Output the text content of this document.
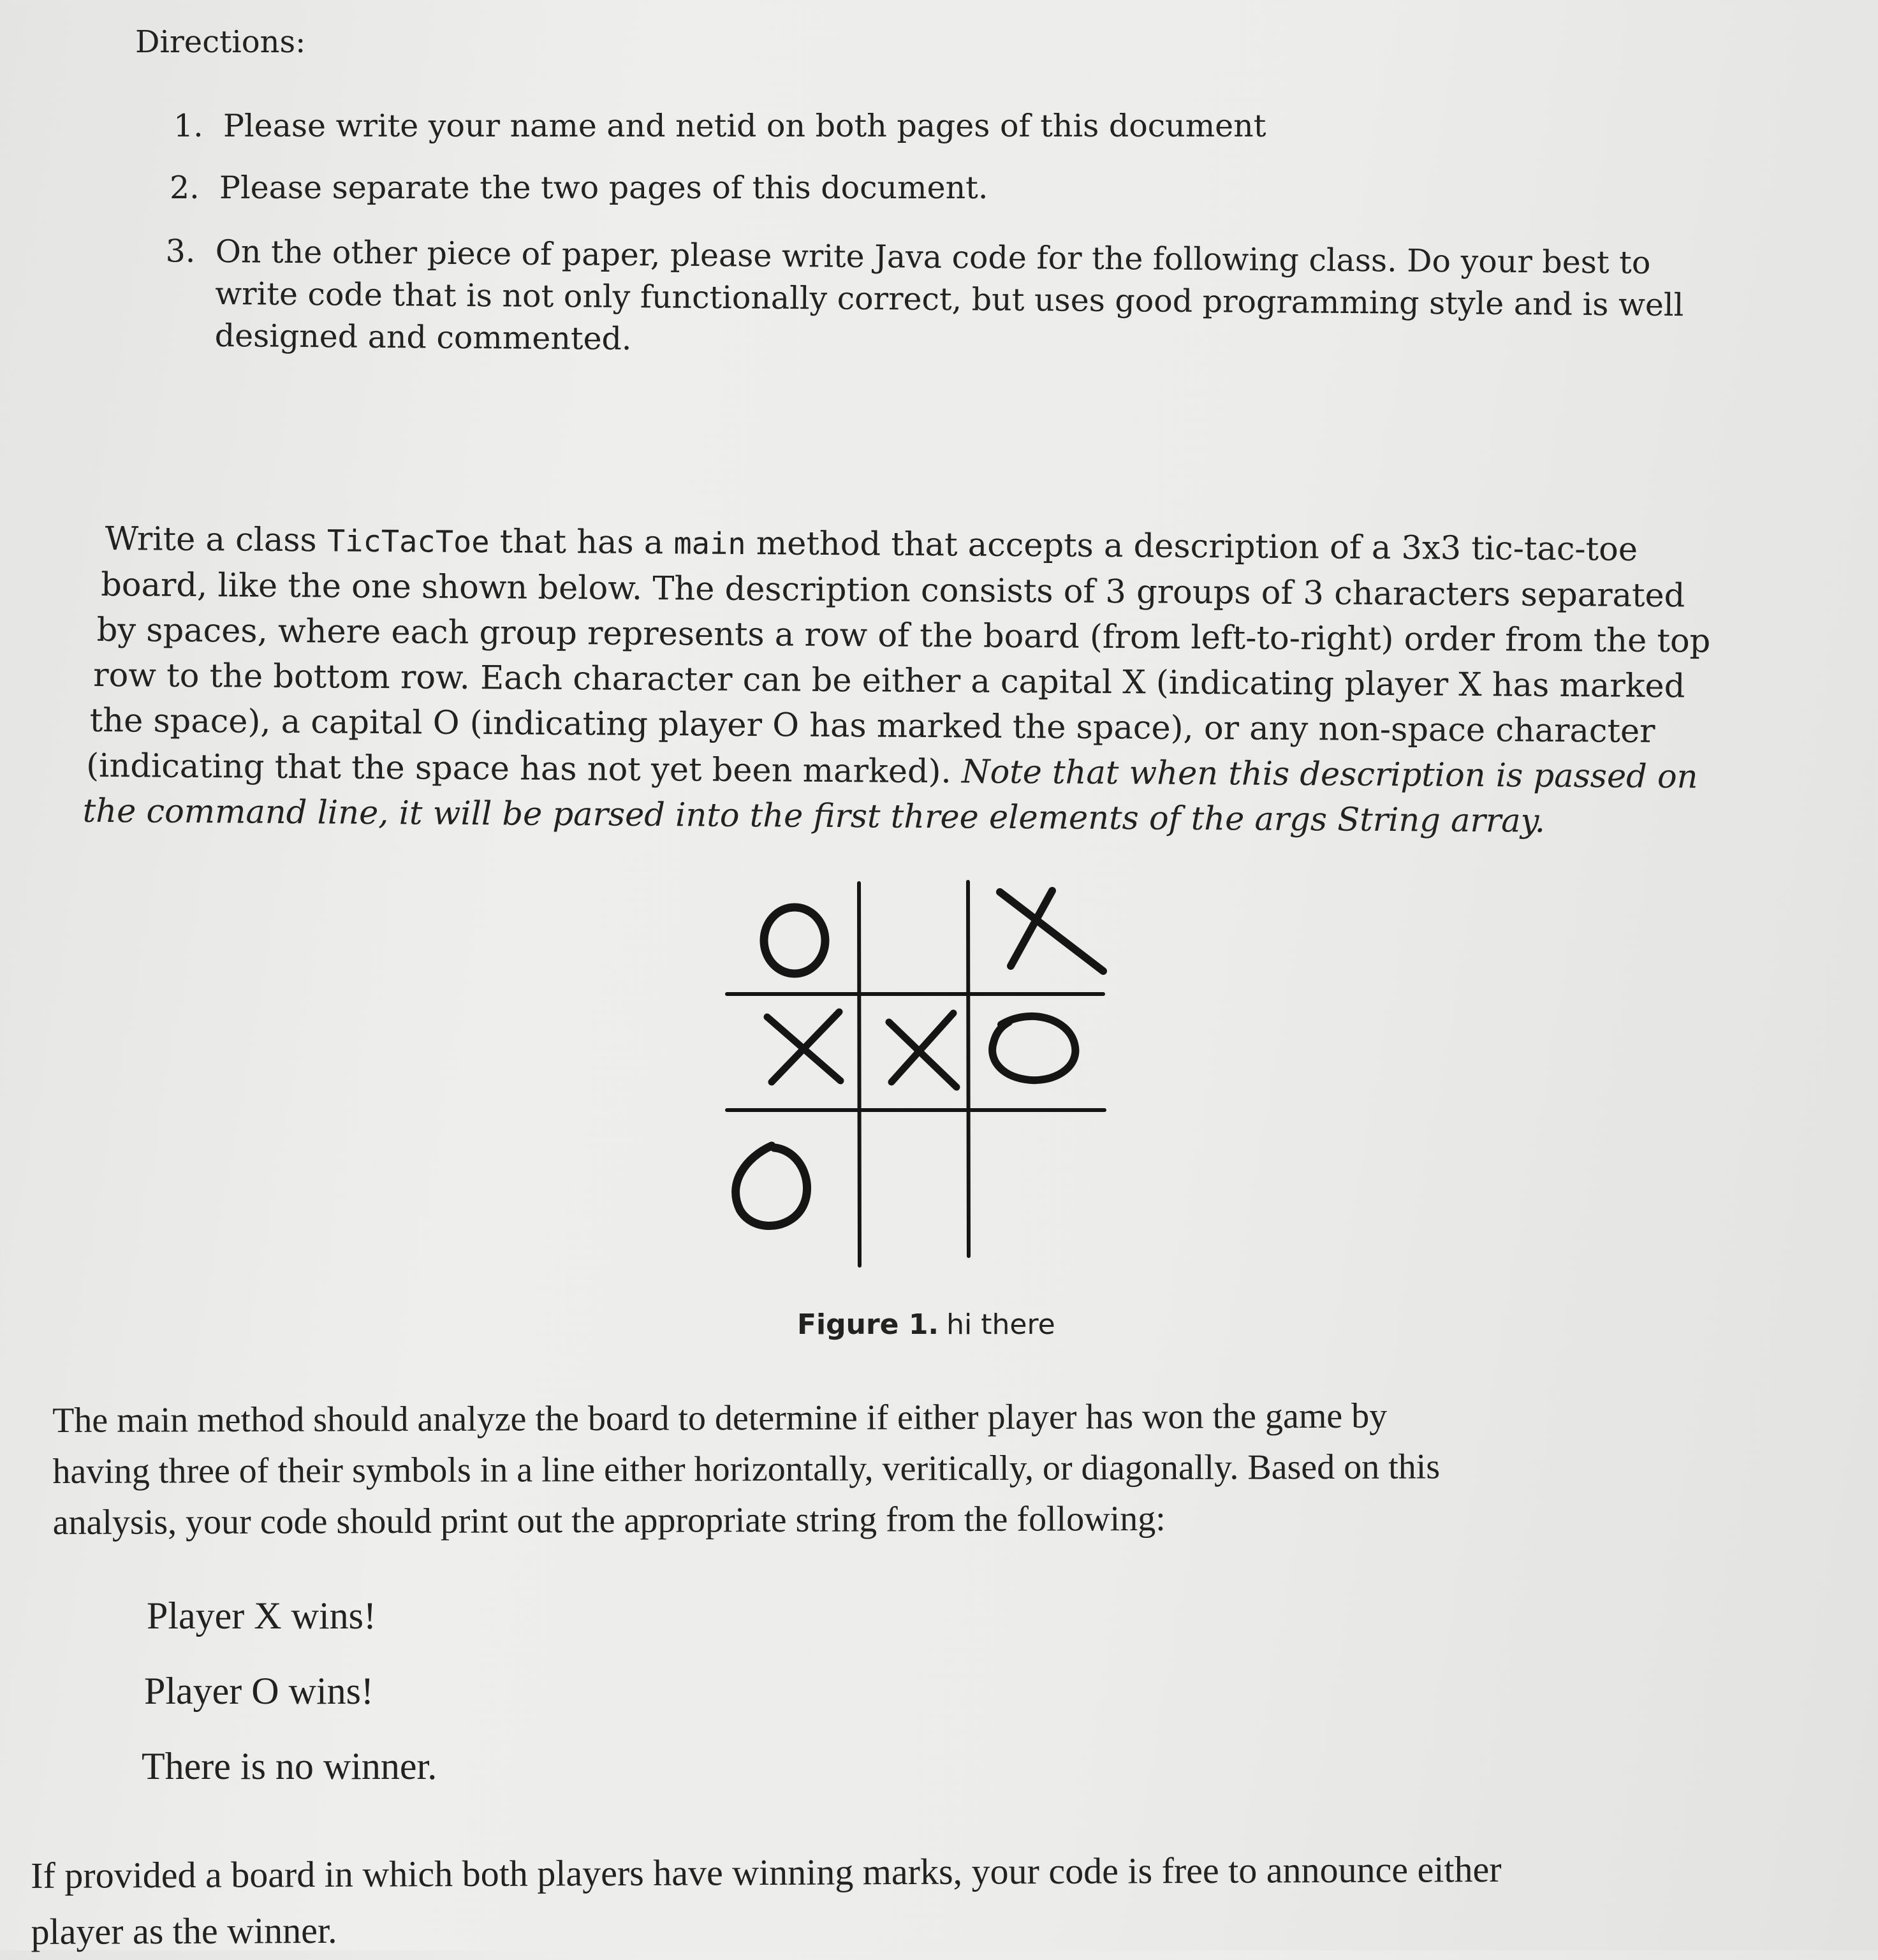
Directions:
1. Please write your name and netid on both pages of this document
2. Please separate the two pages of this document.
3. On the other piece of paper, please write Java code for the following class. Do your best to
write code that is not only functionally correct, but uses good programming style and is well
designed and commented.
Write a class TicTacToe that has a main method that accepts a description of a 3x3 tic-tac-toe
board, like the one shown below. The description consists of 3 groups of 3 characters separated
by spaces, where each group represents a row of the board (from left-to-right) order from the top
row to the bottom row. Each character can be either a capital X (indicating player X has marked
the space), a capital O (indicating player O has marked the space), or any non-space character
(indicating that the space has not yet been marked). Note that when this description is passed on
the command line, it will be parsed into the first three elements of the args String array.
Figure 1. hi there
The main method should analyze the board to determine if either player has won the game by
having three of their symbols in a line either horizontally, veritically, or diagonally. Based on this
analysis, your code should print out the appropriate string from the following:
Player X wins!
Player O wins!
There is no winner.
If provided a board in which both players have winning marks, your code is free to announce either
player as the winner.
